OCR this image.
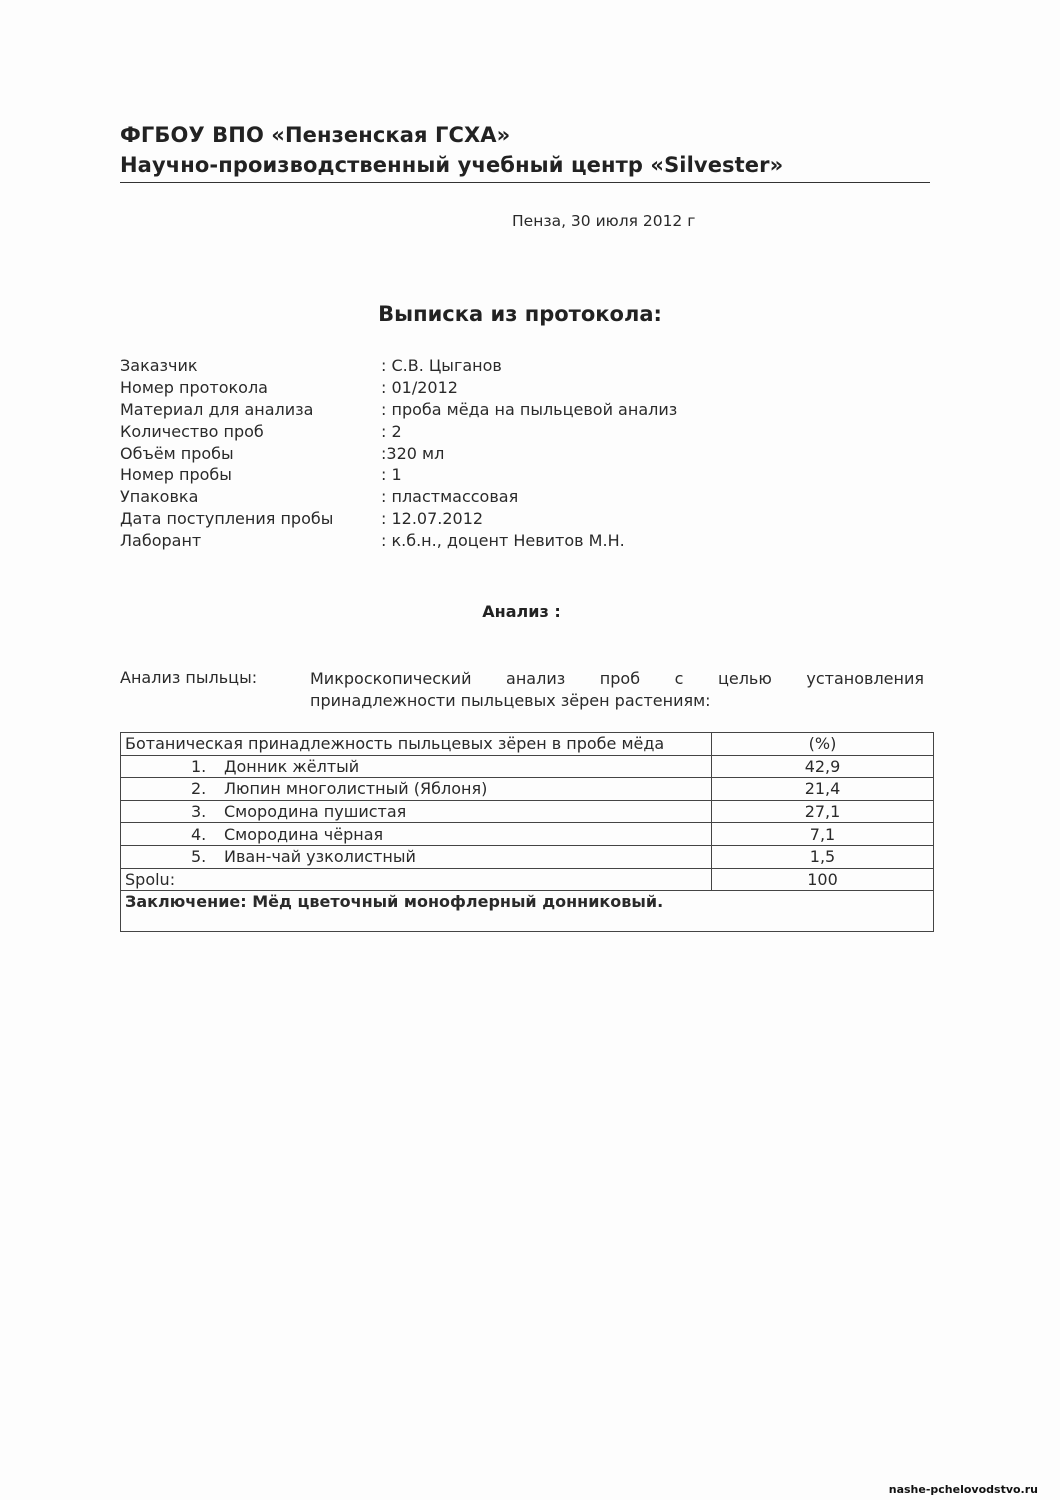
ФГБОУ ВПО «Пензенская ГСХА»
Научно-производственный учебный центр «Silvester»
Пенза, 30 июля 2012 г
Выписка из протокола:
Заказчик	: С.В. Цыганов
Номер протокола	: 01/2012
Материал для анализа	: проба мёда на пыльцевой анализ
Количество проб	: 2
Объём пробы	:320 мл
Номер пробы	: 1
Упаковка	: пластмассовая
Дата поступления пробы	: 12.07.2012
Лаборант	: к.б.н., доцент Невитов М.Н.
Анализ :
Анализ пыльцы:	Микроскопический анализ проб с целью установления
принадлежности пыльцевых зёрен растениям:
Ботаническая принадлежность пыльцевых зёрен в пробе мёда	(%)
1. Донник жёлтый	42,9
2. Люпин многолистный (Яблоня)	21,4
3. Смородина пушистая	27,1
4. Смородина чёрная	7,1
5. Иван-чай узколистный	1,5
Spolu:	100
Заключение: Мёд цветочный монофлерный донниковый.	
nashe-pchelovodstvo.ru
